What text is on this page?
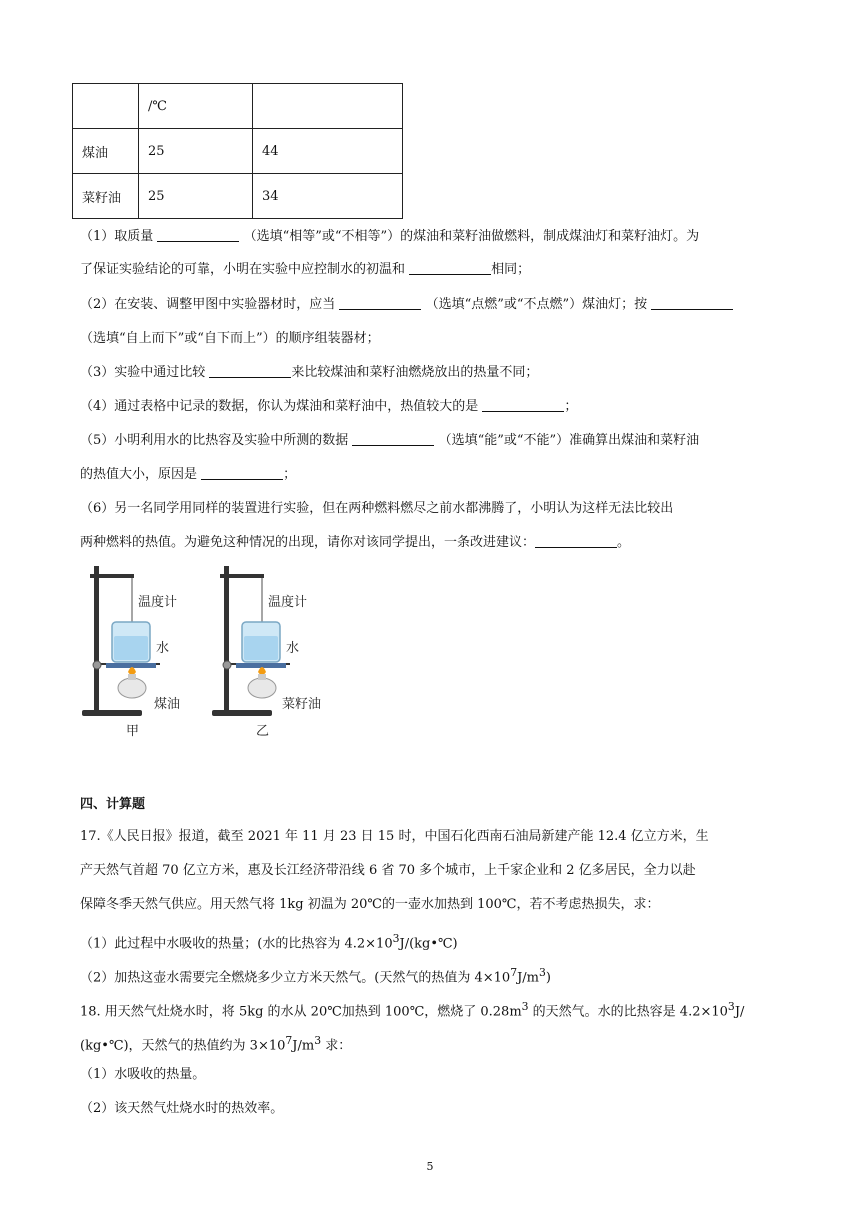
	/℃	
煤油	25	44
菜籽油	25	34
（1）取质量	（选填“相等”或“不相等”）的煤油和菜籽油做燃料，制成煤油灯和菜籽油灯。为
了保证实验结论的可靠，小明在实验中应控制水的初温和	相同；
（2）在安装、调整甲图中实验器材时，应当	（选填“点燃”或“不点燃”）煤油灯；按
（选填“自上而下”或“自下而上”）的顺序组装器材；
（3）实验中通过比较	来比较煤油和菜籽油燃烧放出的热量不同；
（4）通过表格中记录的数据，你认为煤油和菜籽油中，热值较大的是	；
（5）小明利用水的比热容及实验中所测的数据	（选填“能”或“不能”）准确算出煤油和菜籽油
的热值大小，原因是	；
（6）另一名同学用同样的装置进行实验，但在两种燃料燃尽之前水都沸腾了，小明认为这样无法比较出
两种燃料的热值。为避免这种情况的出现，请你对该同学提出，一条改进建议：	。
温度计
水
煤油
甲
温度计
水
菜籽油
乙
四、计算题
17.《人民日报》报道，截至 2021 年 11 月 23 日 15 时，中国石化西南石油局新建产能 12.4 亿立方米，生
产天然气首超 70 亿立方米，惠及长江经济带沿线 6 省 70 多个城市，上千家企业和 2 亿多居民，全力以赴
保障冬季天然气供应。用天然气将 1kg 初温为 20℃的一壶水加热到 100℃，若不考虑热损失，求：
（1）此过程中水吸收的热量；(水的比热容为 $4.2\times 10^3J/(kg•℃)$
（2）加热这壶水需要完全燃烧多少立方米天然气。(天然气的热值为 $4\times 10^7J/m^3$)
18. 用天然气灶烧水时，将 5kg 的水从 20℃加热到 100℃，燃烧了 $0.28m^3$ 的天然气。水的比热容是 $4.2\times 10^3J/$
(kg•℃)，天然气的热值约为 $3\times 10^7J/m^3$ 求：
（1）水吸收的热量。
（2）该天然气灶烧水时的热效率。
5
